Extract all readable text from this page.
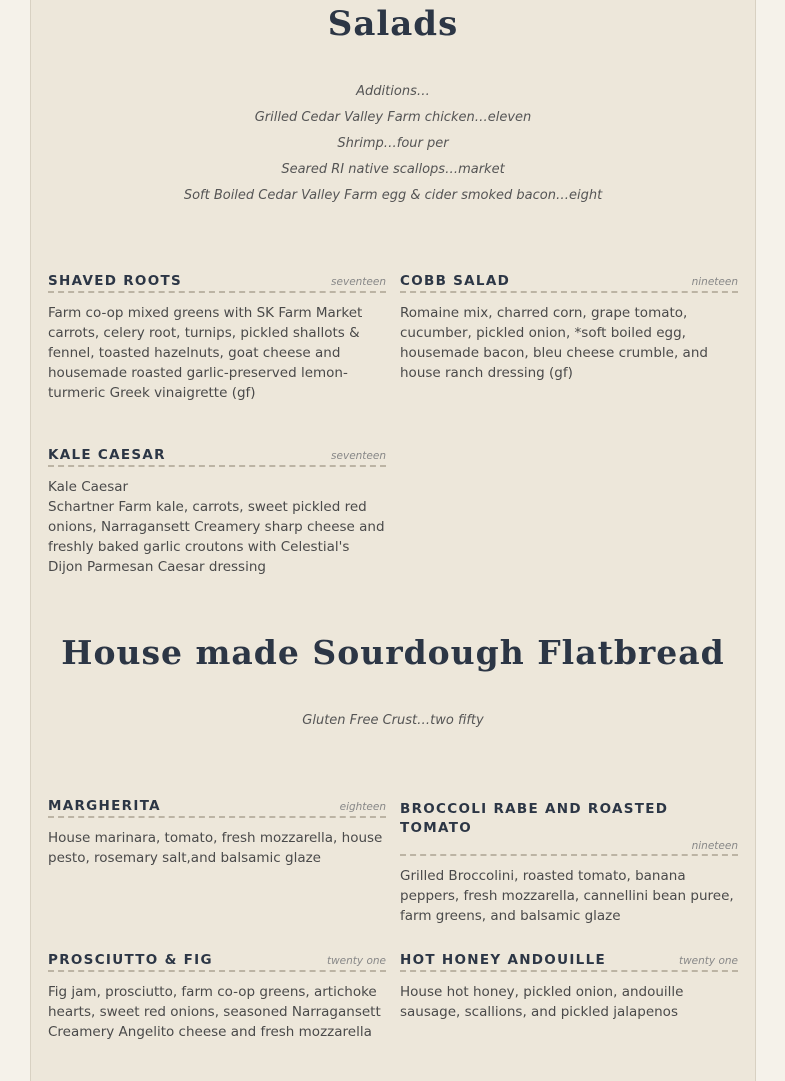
Salads
Additions…
Grilled Cedar Valley Farm chicken…eleven
Shrimp…four per
Seared RI native scallops…market
Soft Boiled Cedar Valley Farm egg & cider smoked bacon…eight
SHAVED ROOTS	seventeen
Farm co-op mixed greens with SK Farm Market carrots, celery root, turnips, pickled shallots & fennel, toasted hazelnuts, goat cheese and housemade roasted garlic-preserved lemon-turmeric Greek vinaigrette (gf)
COBB SALAD	nineteen
Romaine mix, charred corn, grape tomato, cucumber, pickled onion, *soft boiled egg, housemade bacon, bleu cheese crumble, and house ranch dressing (gf)
KALE CAESAR	seventeen
Kale Caesar
Schartner Farm kale, carrots, sweet pickled red onions, Narragansett Creamery sharp cheese and freshly baked garlic croutons with Celestial's Dijon Parmesan Caesar dressing
House made Sourdough Flatbread
Gluten Free Crust…two fifty
MARGHERITA	eighteen
House marinara, tomato, fresh mozzarella, house pesto, rosemary salt,and balsamic glaze
BROCCOLI RABE AND ROASTED TOMATO
nineteen
Grilled Broccolini, roasted tomato, banana peppers, fresh mozzarella, cannellini bean puree, farm greens, and balsamic glaze
PROSCIUTTO & FIG	twenty one
Fig jam, prosciutto, farm co-op greens, artichoke hearts, sweet red onions, seasoned Narragansett Creamery Angelito cheese and fresh mozzarella
HOT HONEY ANDOUILLE	twenty one
House hot honey, pickled onion, andouille sausage, scallions, and pickled jalapenos
